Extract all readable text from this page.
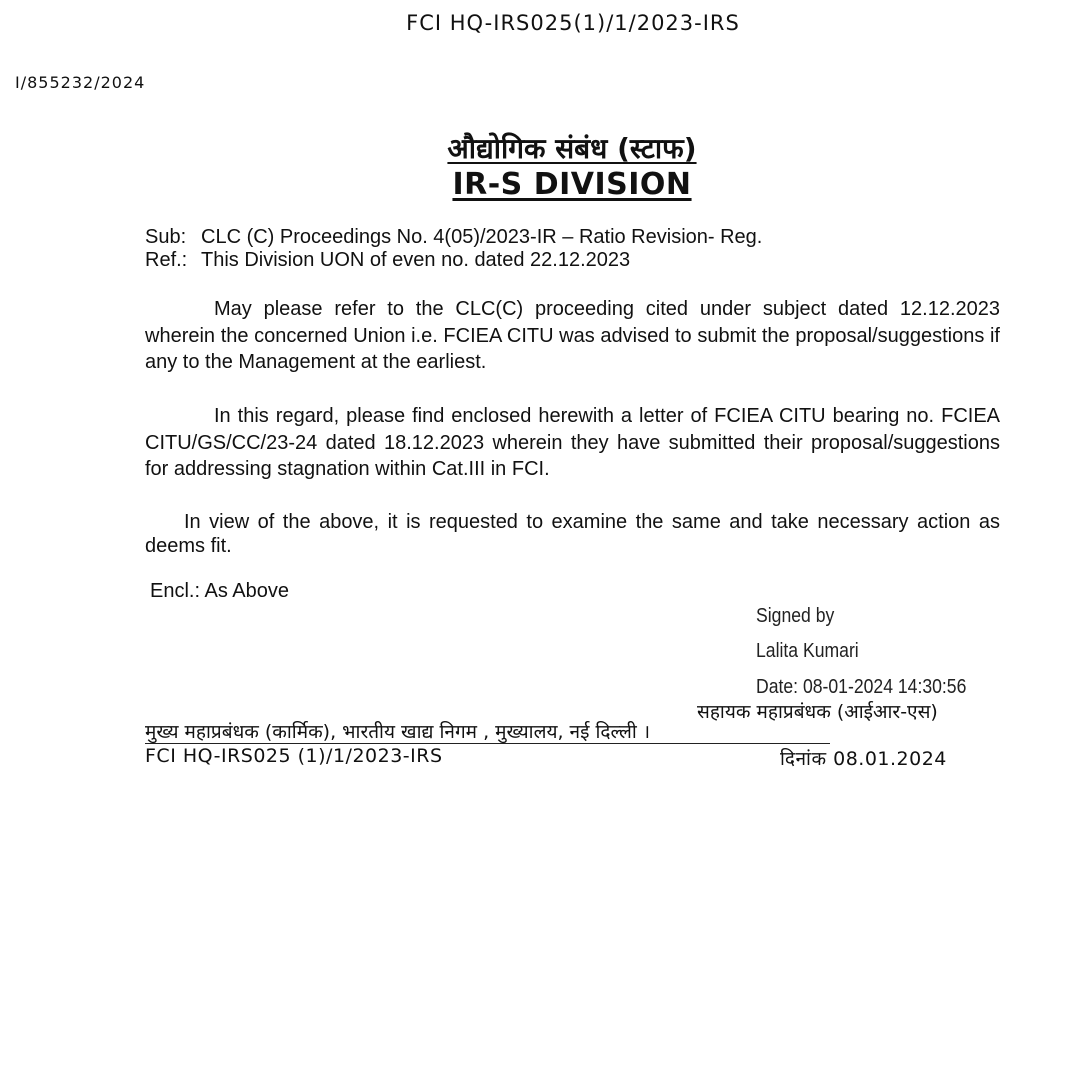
FCI HQ-IRS025(1)/1/2023-IRS
I/855232/2024
औद्योगिक संबंध (स्टाफ)
IR-S DIVISION
Sub: CLC (C) Proceedings No. 4(05)/2023-IR – Ratio Revision- Reg.
Ref.: This Division UON of even no. dated 22.12.2023
May please refer to the CLC(C) proceeding cited under subject dated 12.12.2023 wherein the concerned Union i.e. FCIEA CITU was advised to submit the proposal/suggestions if any to the Management at the earliest.
In this regard, please find enclosed herewith a letter of FCIEA CITU bearing no. FCIEA CITU/GS/CC/23-24 dated 18.12.2023 wherein they have submitted their proposal/suggestions for addressing stagnation within Cat.III in FCI.
In view of the above, it is requested to examine the same and take necessary action as deems fit.
Encl.: As Above
Signed by
Lalita Kumari
Date: 08-01-2024 14:30:56
सहायक महाप्रबंधक (आईआर-एस)
मुख्य महाप्रबंधक (कार्मिक), भारतीय खाद्य निगम , मुख्यालय, नई दिल्ली ।
FCI HQ-IRS025 (1)/1/2023-IRS	दिनांक 08.01.2024
